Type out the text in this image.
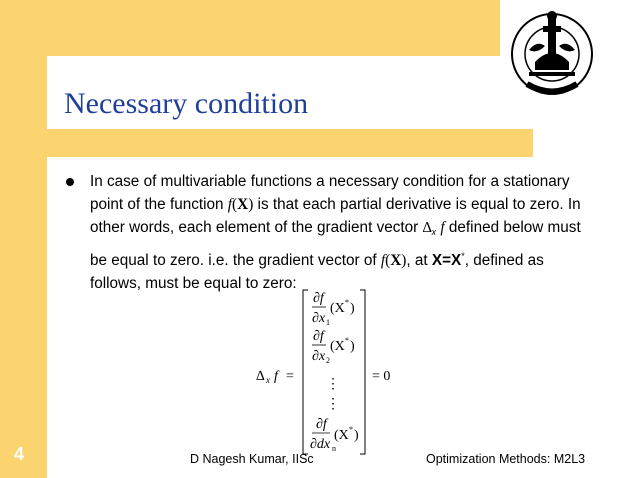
Necessary condition

In case of multivariable functions a necessary condition for a stationary point of the function f(X) is that each partial derivative is equal to zero. In other words, each element of the gradient vector $\Delta_x$ f defined below must be equal to zero. i.e. the gradient vector of f(X), at X=X*, defined as follows, must be equal to zero:

∆ x f =
∂f
∂x 1
(X * )
∂f
∂x 2
(X * )
⋮
⋮
∂f
∂dx n
(X * )
= 0

4	D Nagesh Kumar, IISc	Optimization Methods: M2L3
